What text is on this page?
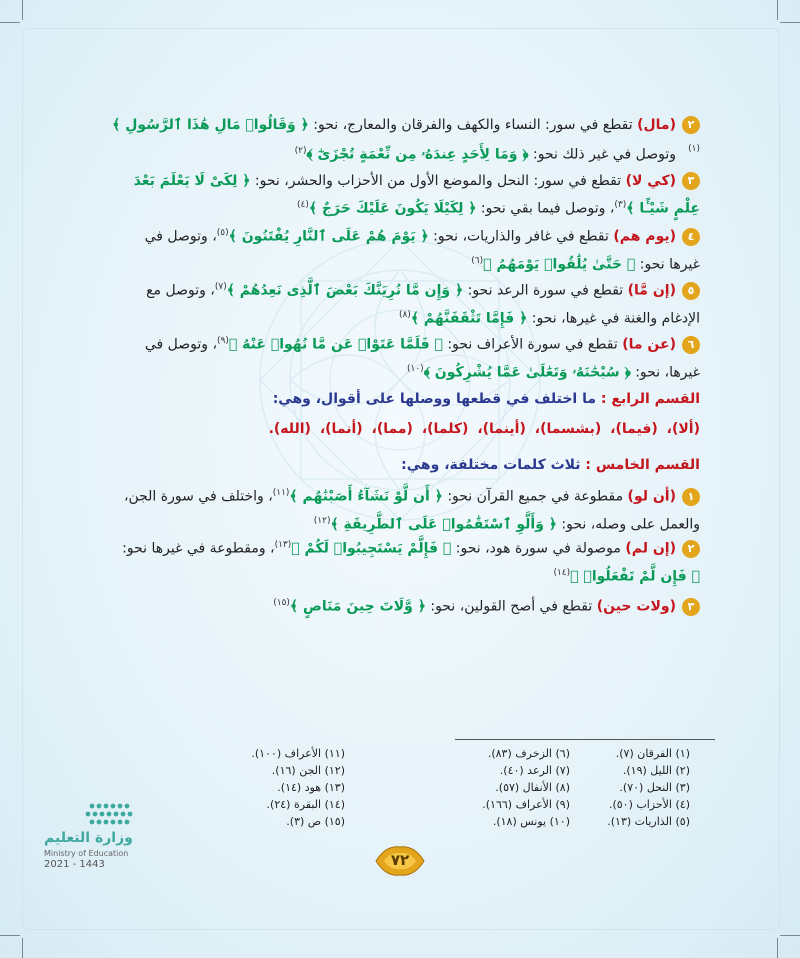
٢(مال) تقطع في سور: النساء والكهف والفرقان والمعارج، نحو: ﴿ وَقَالُوا۟ مَالِ هَٰذَا ٱلرَّسُولِ ﴾$^{(١)}$
وتوصل في غير ذلك نحو: ﴿ وَمَا لِأَحَدٍ عِندَهُۥ مِن نِّعْمَةٍ تُجْزَىٰٓ ﴾$^{(٢)}$
٣(كي لا) تقطع في سور: النحل والموضع الأول من الأحزاب والحشر، نحو: ﴿ لِكَىْ لَا يَعْلَمَ بَعْدَ عِلْمٍ شَيْـًٔا ﴾$^{(٣)}$، وتوصل فيما بقي نحو: ﴿ لِكَيْلَا يَكُونَ عَلَيْكَ حَرَجٌ ﴾$^{(٤)}$
٤(يوم هم) تقطع في غافر والذاريات، نحو: ﴿ يَوْمَ هُمْ عَلَى ٱلنَّارِ يُفْتَنُونَ ﴾$^{(٥)}$، وتوصل في غيرها نحو: ﴿ حَتَّىٰ يُلَٰقُوا۟ يَوْمَهُمُ ﴾$^{(٦)}$
٥(إن مَّا) تقطع في سورة الرعد نحو: ﴿ وَإِن مَّا نُرِيَنَّكَ بَعْضَ ٱلَّذِى نَعِدُهُمْ ﴾$^{(٧)}$، وتوصل مع الإدغام والغنة في غيرها، نحو: ﴿ فَإِمَّا تَثْقَفَنَّهُمْ ﴾$^{(٨)}$
٦(عن ما) تقطع في سورة الأعراف نحو: ﴿ فَلَمَّا عَتَوْا۟ عَن مَّا نُهُوا۟ عَنْهُ ﴾$^{(٩)}$، وتوصل في غيرها، نحو: ﴿ سُبْحَٰنَهُۥ وَتَعَٰلَىٰ عَمَّا يُشْرِكُونَ ﴾$^{(١٠)}$
القسم الرابع : ما اختلف في قطعها ووصلها على أقوال، وهي:
(ألا)، (فيما)، (بشسما)، (أينما)، (كلما)، (مما)، (أنما)، (الله).
القسم الخامس : ثلاث كلمات مختلفة، وهي:
١(أن لو) مقطوعة في جميع القرآن نحو: ﴿ أَن لَّوْ نَشَآءُ أَصَبْنَٰهُم ﴾$^{(١١)}$، واختلف في سورة الجن، والعمل على وصله، نحو: ﴿ وَأَلَّوِ ٱسْتَقَٰمُوا۟ عَلَى ٱلطَّرِيقَةِ ﴾$^{(١٢)}$
٢(إن لم) موصولة في سورة هود، نحو: ﴿ فَإِلَّمْ يَسْتَجِيبُوا۟ لَكُمْ ﴾$^{(١٣)}$، ومقطوعة في غيرها نحو: ﴿ فَإِن لَّمْ تَفْعَلُوا۟ ﴾$^{(١٤)}$
٣(ولات حين) تقطع في أصح القولين، نحو: ﴿ وَّلَاتَ حِينَ مَنَاصٍ ﴾$^{(١٥)}$
(١) الفرقان (٧).
(٢) الليل (١٩).
(٣) النحل (٧٠).
(٤) الأحزاب (٥٠).
(٥) الذاريات (١٣).
(٦) الزخرف (٨٣).
(٧) الرعد (٤٠).
(٨) الأنفال (٥٧).
(٩) الأعراف (١٦٦).
(١٠) يونس (١٨).
(١١) الأعراف (١٠٠).
(١٢) الجن (١٦).
(١٣) هود (١٤).
(١٤) البقرة (٢٤).
(١٥) ص (٣).
وزارة التعليم
Ministry of Education
2021 - 1443	٧٢
